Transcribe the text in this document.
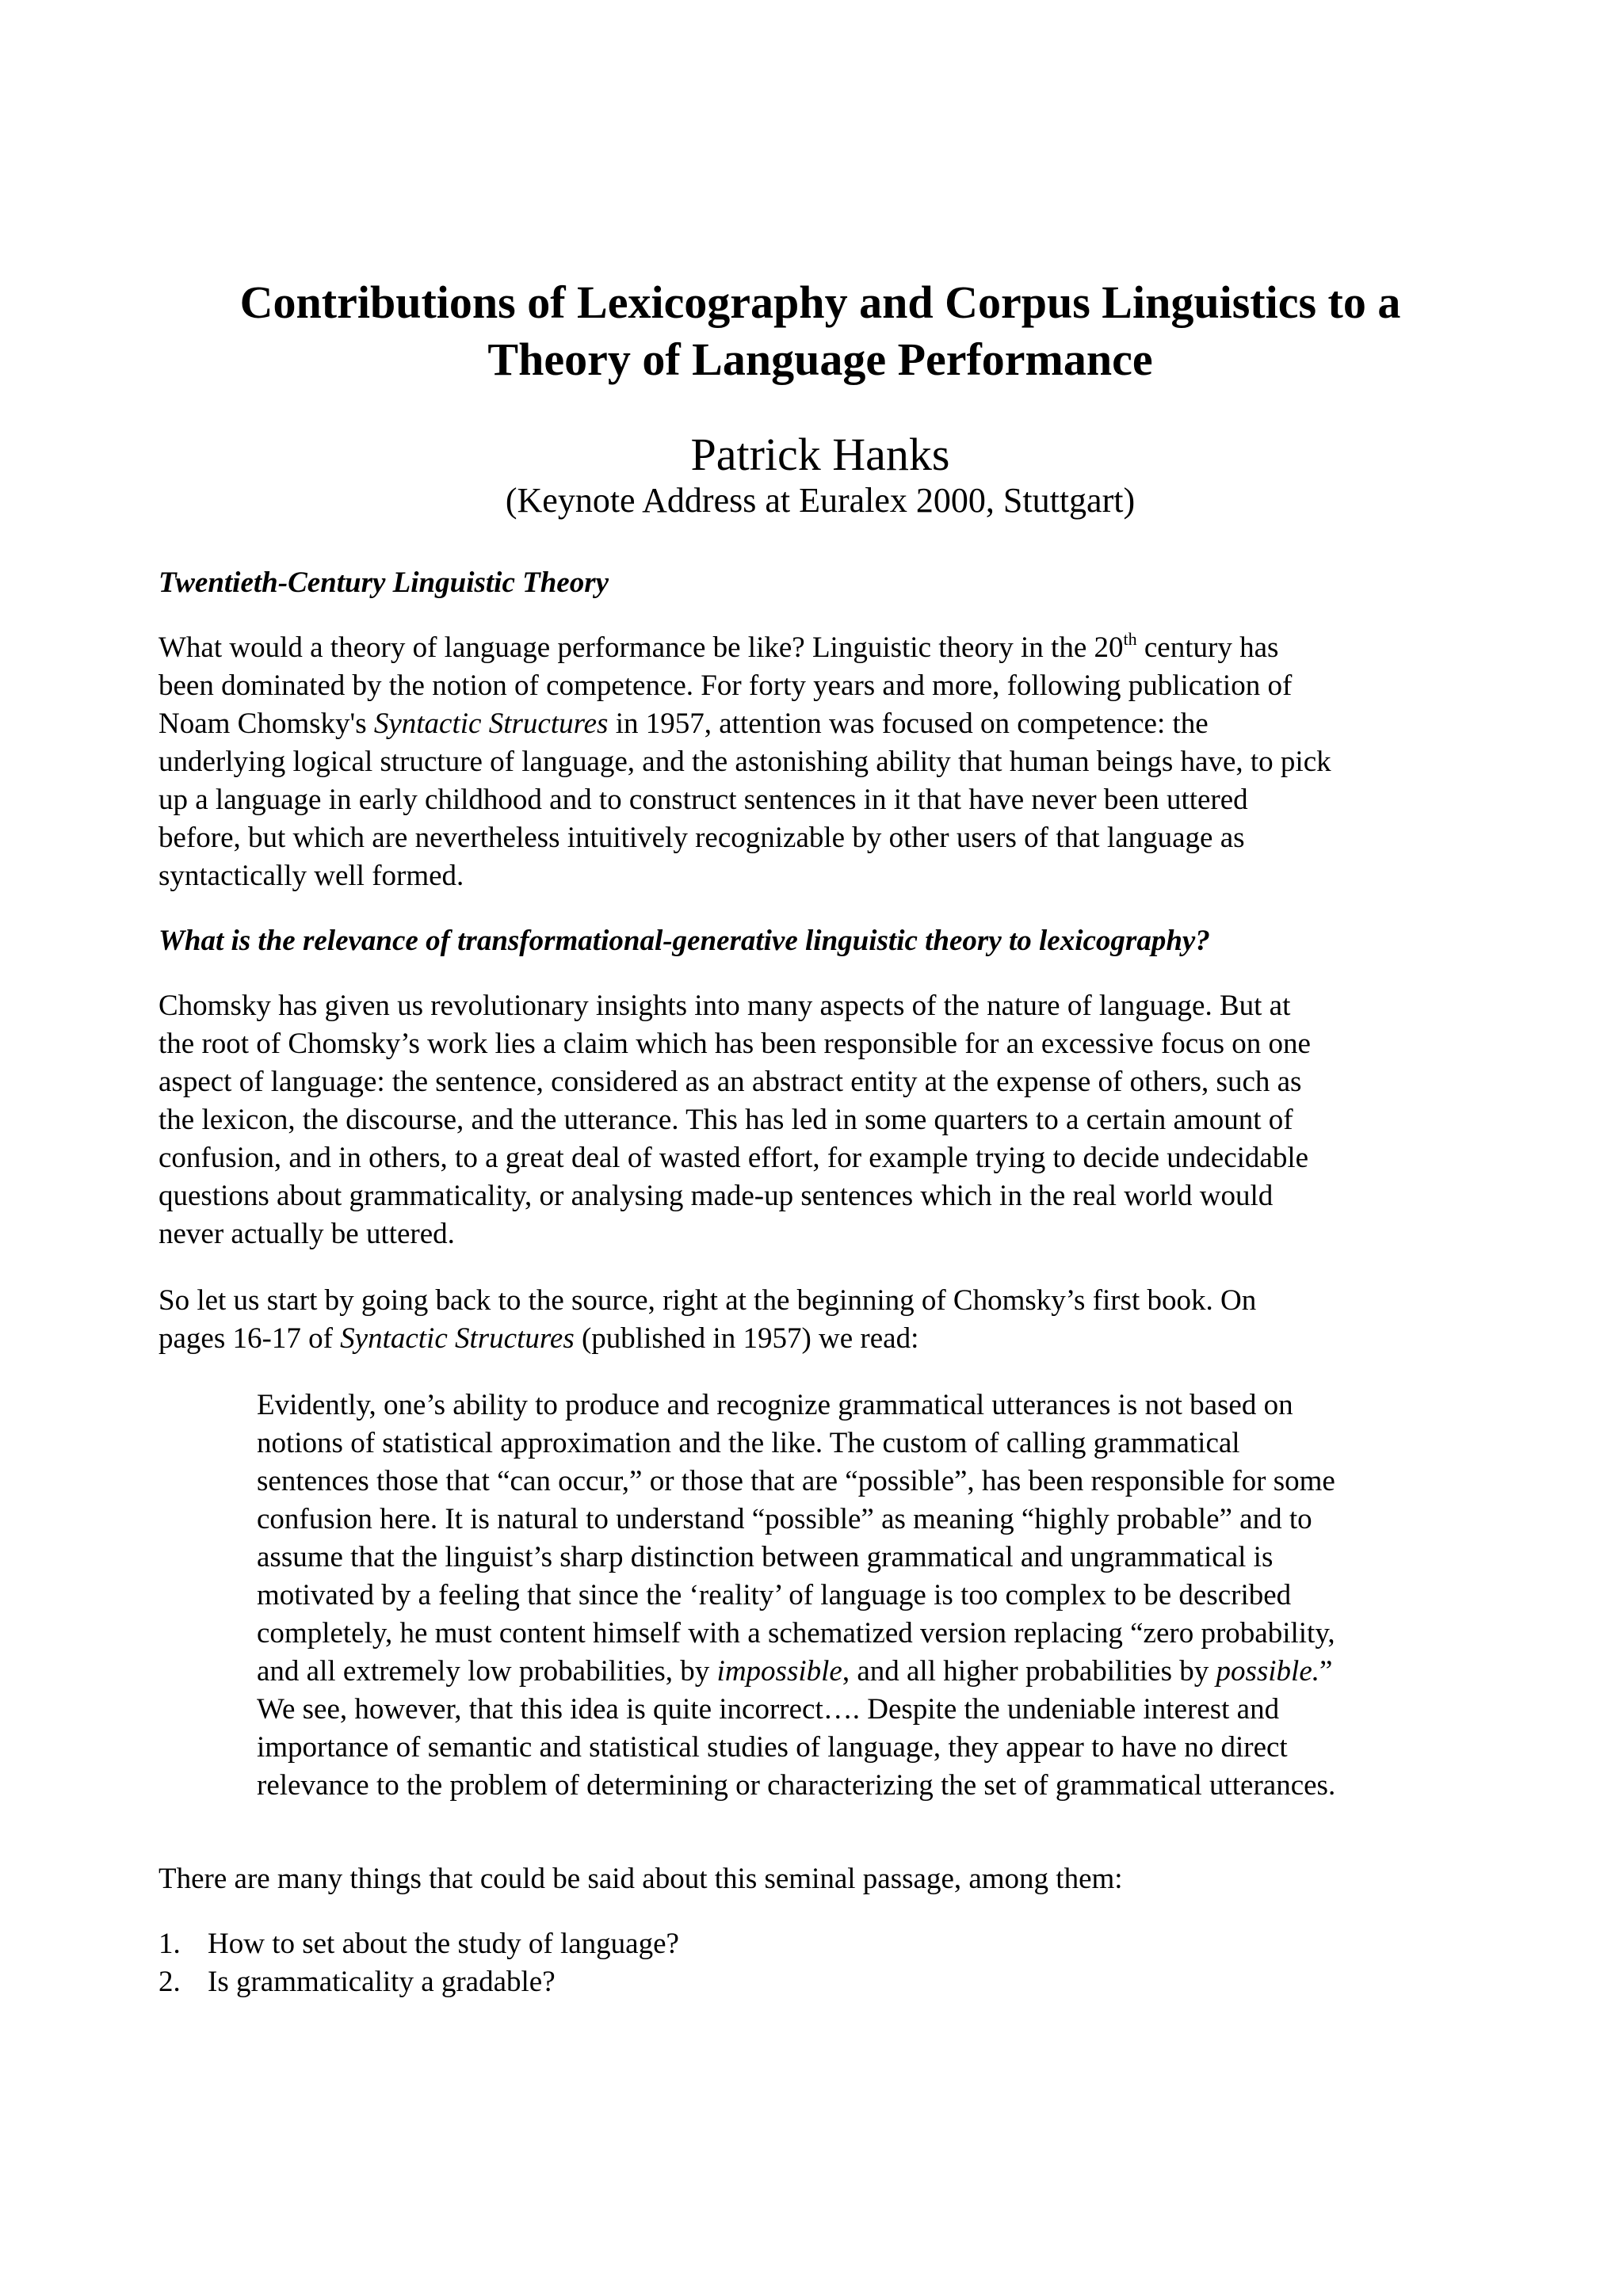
Contributions of Lexicography and Corpus Linguistics to a
Theory of Language Performance
Patrick Hanks
(Keynote Address at Euralex 2000, Stuttgart)
Twentieth-Century Linguistic Theory
What would a theory of language performance be like? Linguistic theory in the 20th century has
been dominated by the notion of competence. For forty years and more, following publication of
Noam Chomsky's Syntactic Structures in 1957, attention was focused on competence: the
underlying logical structure of language, and the astonishing ability that human beings have, to pick
up a language in early childhood and to construct sentences in it that have never been uttered
before, but which are nevertheless intuitively recognizable by other users of that language as
syntactically well formed.
What is the relevance of transformational-generative linguistic theory to lexicography?
Chomsky has given us revolutionary insights into many aspects of the nature of language. But at
the root of Chomsky’s work lies a claim which has been responsible for an excessive focus on one
aspect of language: the sentence, considered as an abstract entity at the expense of others, such as
the lexicon, the discourse, and the utterance. This has led in some quarters to a certain amount of
confusion, and in others, to a great deal of wasted effort, for example trying to decide undecidable
questions about grammaticality, or analysing made-up sentences which in the real world would
never actually be uttered.
So let us start by going back to the source, right at the beginning of Chomsky’s first book. On
pages 16-17 of Syntactic Structures (published in 1957) we read:
Evidently, one’s ability to produce and recognize grammatical utterances is not based on
notions of statistical approximation and the like. The custom of calling grammatical
sentences those that “can occur,” or those that are “possible”, has been responsible for some
confusion here. It is natural to understand “possible” as meaning “highly probable” and to
assume that the linguist’s sharp distinction between grammatical and ungrammatical is
motivated by a feeling that since the ‘reality’ of language is too complex to be described
completely, he must content himself with a schematized version replacing “zero probability,
and all extremely low probabilities, by impossible, and all higher probabilities by possible.”
We see, however, that this idea is quite incorrect…. Despite the undeniable interest and
importance of semantic and statistical studies of language, they appear to have no direct
relevance to the problem of determining or characterizing the set of grammatical utterances.
There are many things that could be said about this seminal passage, among them:
1. How to set about the study of language?
2. Is grammaticality a gradable?
